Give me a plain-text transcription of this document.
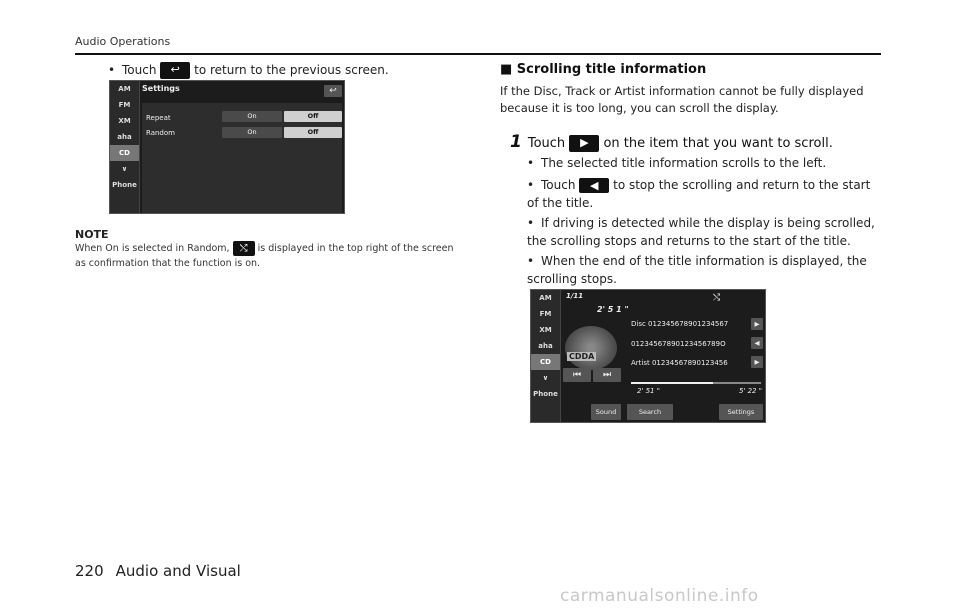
Audio Operations
• Touch ↩ to return to the previous screen.
AM
FM
XM
aha
CD
∨
Phone
Settings	↩
Repeat	On	Off
Random	On	Off
NOTE
When On is selected in Random, ⤭ is displayed in the top right of the screen as confirmation that the function is on.
■ Scrolling title information
If the Disc, Track or Artist information cannot be fully displayed because it is too long, you can scroll the display.
1 Touch ▶ on the item that you want to scroll.
• The selected title information scrolls to the left.
• Touch ◀ to stop the scrolling and return to the start of the title.
• If driving is detected while the display is being scrolled, the scrolling stops and returns to the start of the title.
• When the end of the title information is displayed, the scrolling stops.
AM
FM
XM
aha
CD
∨
Phone
1/11
2' 5 1 "
⤭
CDDA
⏮	⏭
Disc 012345678901234567	▶
01234567890123456789O	◀
Artist 01234567890123456	▶
2' 51 "	5' 22 "
Sound	Search	Settings
220 Audio and Visual
carmanualsonline.info
